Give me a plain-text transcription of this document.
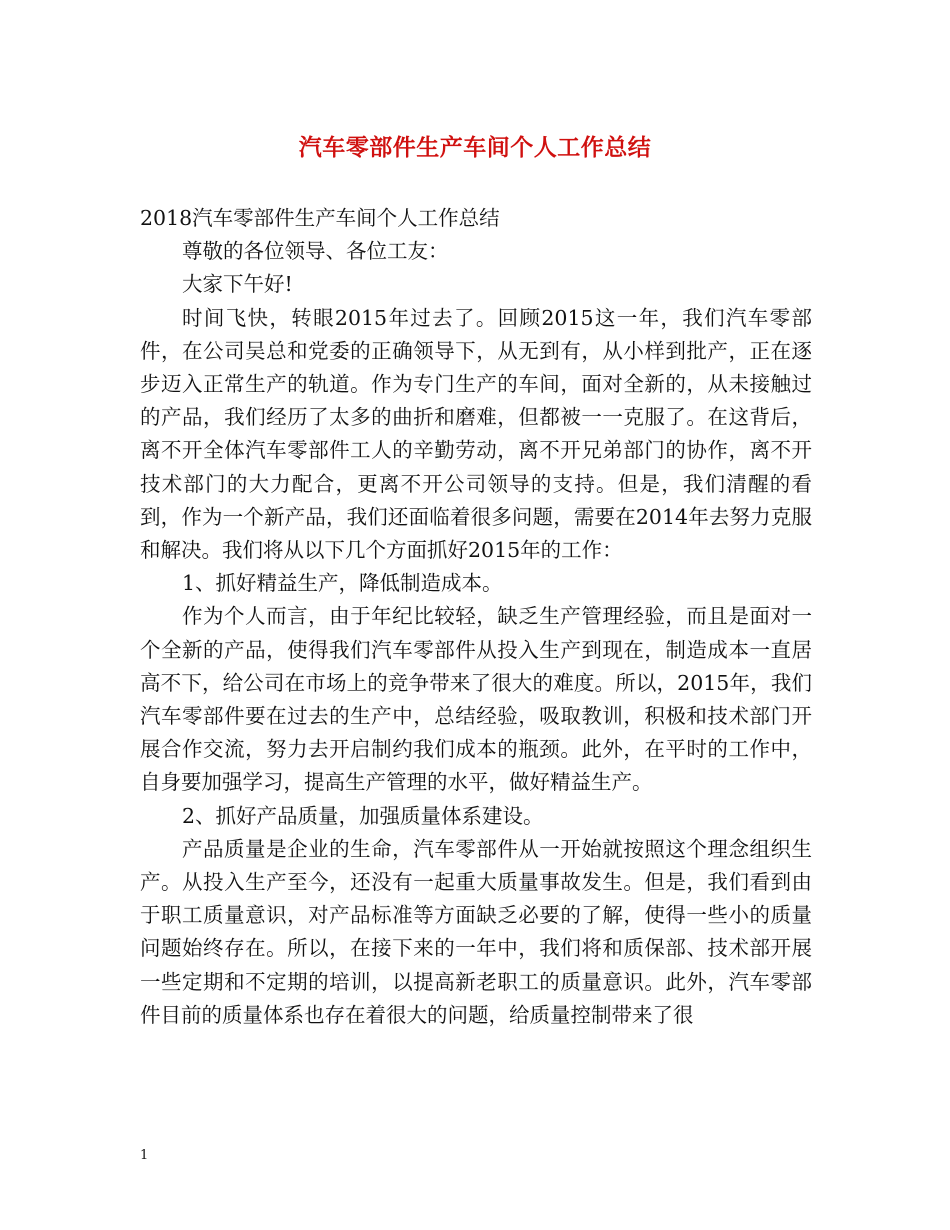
汽车零部件生产车间个人工作总结

2018汽车零部件生产车间个人工作总结

尊敬的各位领导、各位工友：

大家下午好!

时间飞快，转眼2015年过去了。回顾2015这一年，我们汽车零部件，在公司吴总和党委的正确领导下，从无到有，从小样到批产，正在逐步迈入正常生产的轨道。作为专门生产的车间，面对全新的，从未接触过的产品，我们经历了太多的曲折和磨难，但都被一一克服了。在这背后，离不开全体汽车零部件工人的辛勤劳动，离不开兄弟部门的协作，离不开技术部门的大力配合，更离不开公司领导的支持。但是，我们清醒的看到，作为一个新产品，我们还面临着很多问题，需要在2014年去努力克服和解决。我们将从以下几个方面抓好2015年的工作：

1、抓好精益生产，降低制造成本。

作为个人而言，由于年纪比较轻，缺乏生产管理经验，而且是面对一个全新的产品，使得我们汽车零部件从投入生产到现在，制造成本一直居高不下，给公司在市场上的竞争带来了很大的难度。所以，2015年，我们汽车零部件要在过去的生产中，总结经验，吸取教训，积极和技术部门开展合作交流，努力去开启制约我们成本的瓶颈。此外，在平时的工作中，自身要加强学习，提高生产管理的水平，做好精益生产。

2、抓好产品质量，加强质量体系建设。

产品质量是企业的生命，汽车零部件从一开始就按照这个理念组织生产。从投入生产至今，还没有一起重大质量事故发生。但是，我们看到由于职工质量意识，对产品标准等方面缺乏必要的了解，使得一些小的质量问题始终存在。所以，在接下来的一年中，我们将和质保部、技术部开展一些定期和不定期的培训，以提高新老职工的质量意识。此外，汽车零部件目前的质量体系也存在着很大的问题，给质量控制带来了很

1
